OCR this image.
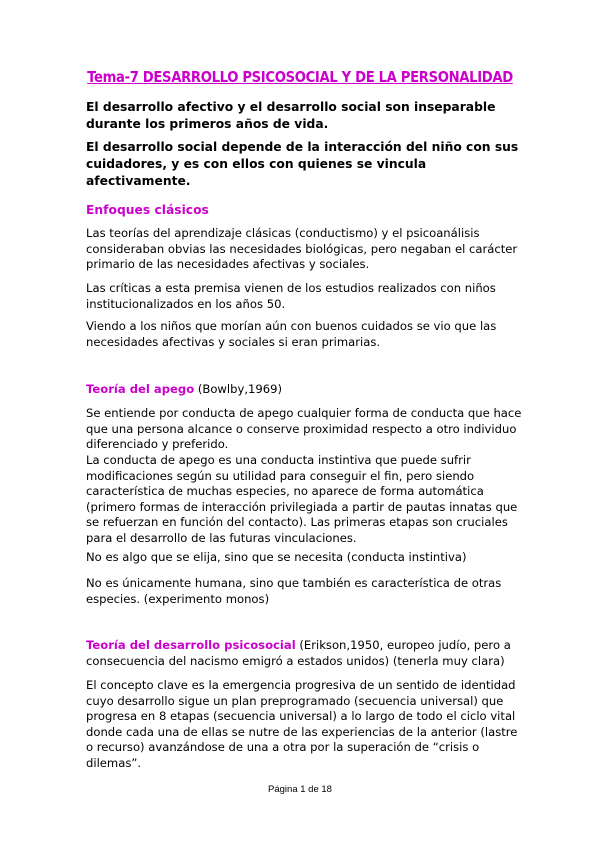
Tema-7 DESARROLLO PSICOSOCIAL Y DE LA PERSONALIDAD
El desarrollo afectivo y el desarrollo social son inseparable durante los primeros años de vida.
El desarrollo social depende de la interacción del niño con sus cuidadores, y es con ellos con quienes se vincula afectivamente.
Enfoques clásicos
Las teorías del aprendizaje clásicas (conductismo) y el psicoanálisis consideraban obvias las necesidades biológicas, pero negaban el carácter primario de las necesidades afectivas y sociales.
Las críticas a esta premisa vienen de los estudios realizados con niños institucionalizados en los años 50.
Viendo a los niños que morían aún con buenos cuidados se vio que las necesidades afectivas y sociales si eran primarias.
Teoría del apego (Bowlby,1969)
Se entiende por conducta de apego cualquier forma de conducta que hace que una persona alcance o conserve proximidad respecto a otro individuo diferenciado y preferido.
La conducta de apego es una conducta instintiva que puede sufrir modificaciones según su utilidad para conseguir el fin, pero siendo característica de muchas especies, no aparece de forma automática (primero formas de interacción privilegiada a partir de pautas innatas que se refuerzan en función del contacto). Las primeras etapas son cruciales para el desarrollo de las futuras vinculaciones.
No es algo que se elija, sino que se necesita (conducta instintiva)
No es únicamente humana, sino que también es característica de otras especies. (experimento monos)
Teoría del desarrollo psicosocial (Erikson,1950, europeo judío, pero a consecuencia del nacismo emigró a estados unidos) (tenerla muy clara)
El concepto clave es la emergencia progresiva de un sentido de identidad cuyo desarrollo sigue un plan preprogramado (secuencia universal) que progresa en 8 etapas (secuencia universal) a lo largo de todo el ciclo vital donde cada una de ellas se nutre de las experiencias de la anterior (lastre o recurso) avanzándose de una a otra por la superación de “crisis o dilemas”.
Página 1 de 18
